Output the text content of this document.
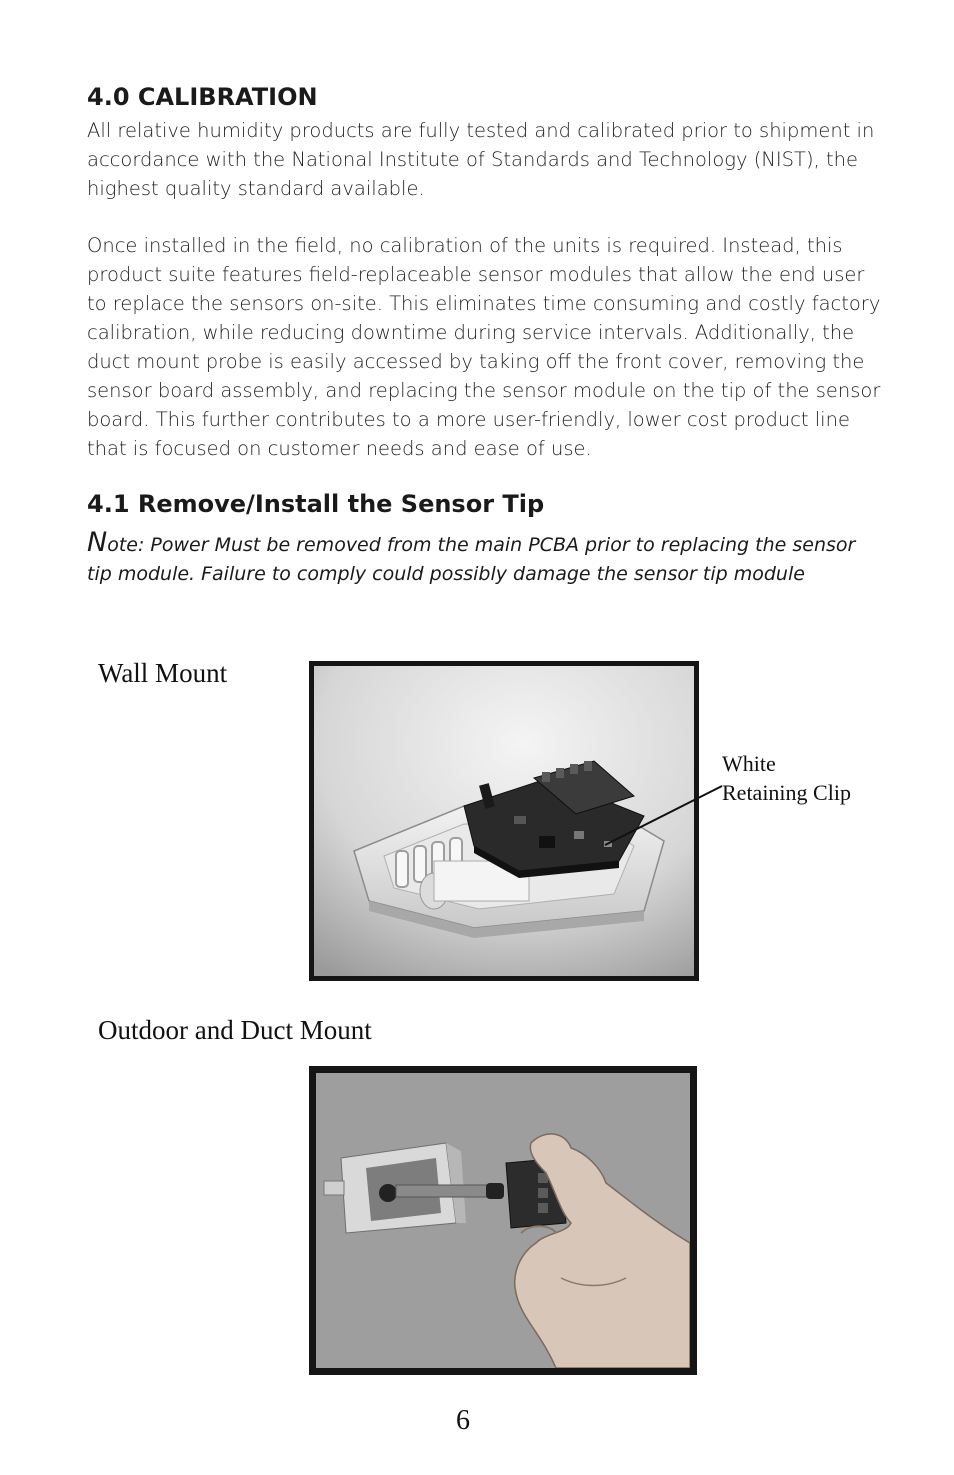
4.0 CALIBRATION
All relative humidity products are fully tested and calibrated prior to shipment in
accordance with the National Institute of Standards and Technology (NIST), the
highest quality standard available.
Once installed in the field, no calibration of the units is required. Instead, this
product suite features field-replaceable sensor modules that allow the end user
to replace the sensors on-site. This eliminates time consuming and costly factory
calibration, while reducing downtime during service intervals. Additionally, the
duct mount probe is easily accessed by taking off the front cover, removing the
sensor board assembly, and replacing the sensor module on the tip of the sensor
board. This further contributes to a more user-friendly, lower cost product line
that is focused on customer needs and ease of use.
4.1 Remove/Install the Sensor Tip
Note: Power Must be removed from the main PCBA prior to replacing the sensor
tip module. Failure to comply could possibly damage the sensor tip module
Wall Mount
White
Retaining Clip
Outdoor and Duct Mount
6
